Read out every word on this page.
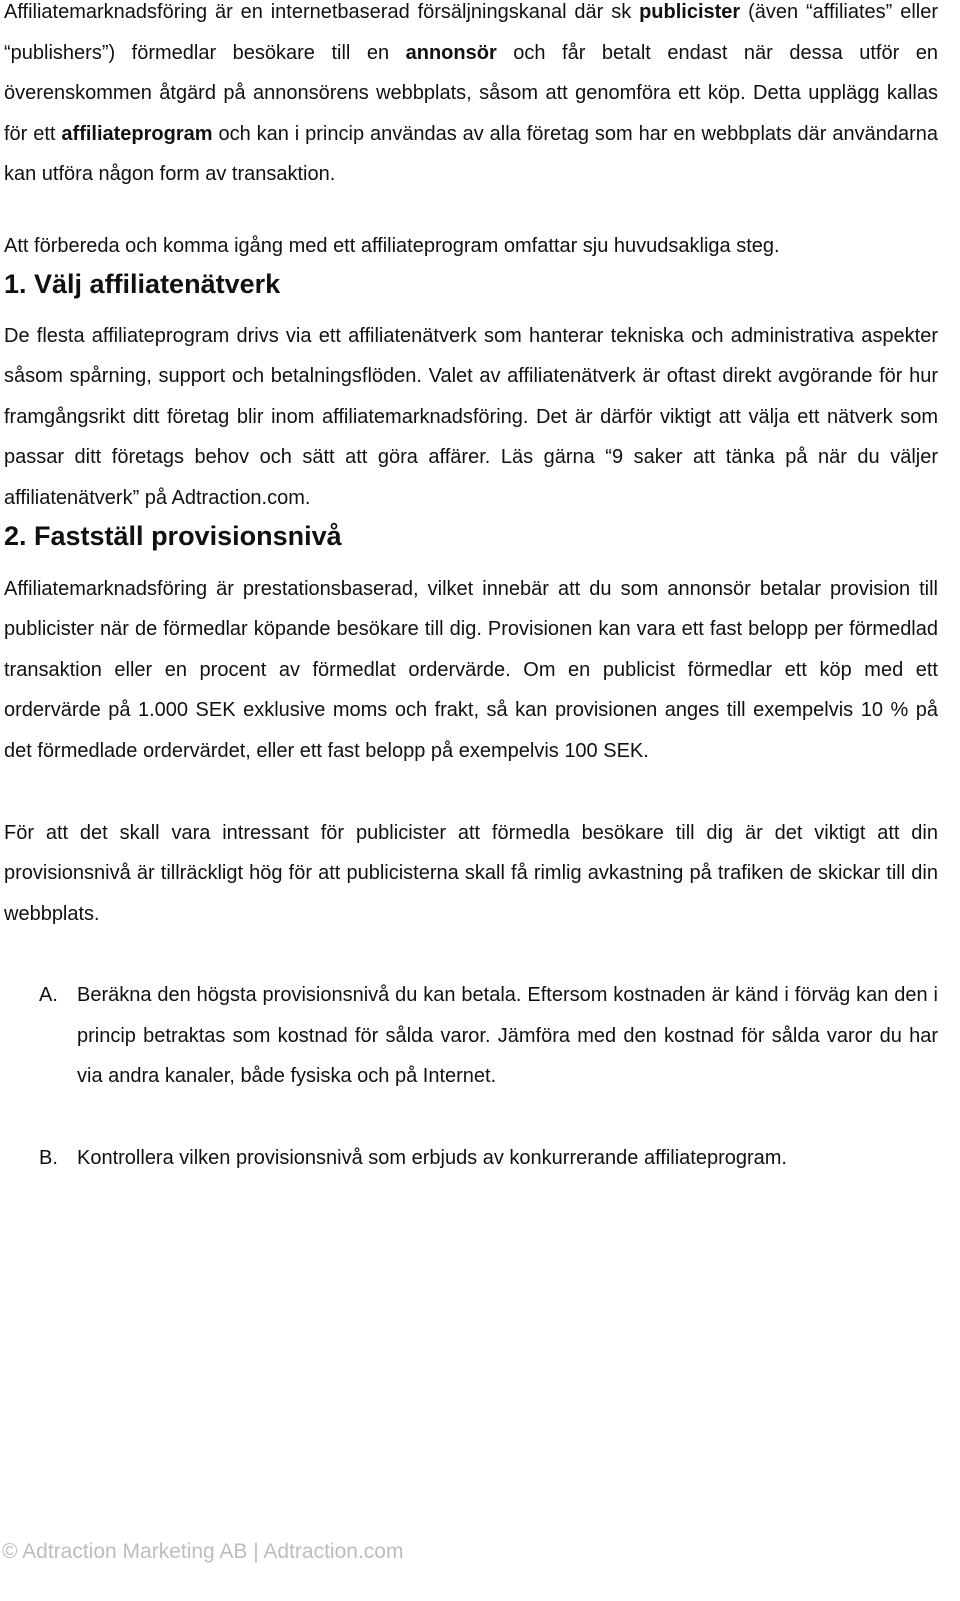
Affiliatemarknadsföring är en internetbaserad försäljningskanal där sk publicister (även “affiliates” eller “publishers”) förmedlar besökare till en annonsör och får betalt endast när dessa utför en överenskommen åtgärd på annonsörens webbplats, såsom att genomföra ett köp. Detta upplägg kallas för ett affiliateprogram och kan i princip användas av alla företag som har en webbplats där användarna kan utföra någon form av transaktion.

Att förbereda och komma igång med ett affiliateprogram omfattar sju huvudsakliga steg.

1. Välj affiliatenätverk

De flesta affiliateprogram drivs via ett affiliatenätverk som hanterar tekniska och administrativa aspekter såsom spårning, support och betalningsflöden. Valet av affiliatenätverk är oftast direkt avgörande för hur framgångsrikt ditt företag blir inom affiliatemarknadsföring. Det är därför viktigt att välja ett nätverk som passar ditt företags behov och sätt att göra affärer. Läs gärna “9 saker att tänka på när du väljer affiliatenätverk” på Adtraction.com.

2. Fastställ provisionsnivå

Affiliatemarknadsföring är prestationsbaserad, vilket innebär att du som annonsör betalar provision till publicister när de förmedlar köpande besökare till dig. Provisionen kan vara ett fast belopp per förmedlad transaktion eller en procent av förmedlat ordervärde. Om en publicist förmedlar ett köp med ett ordervärde på 1.000 SEK exklusive moms och frakt, så kan provisionen anges till exempelvis 10 % på det förmedlade ordervärdet, eller ett fast belopp på exempelvis 100 SEK.

För att det skall vara intressant för publicister att förmedla besökare till dig är det viktigt att din provisionsnivå är tillräckligt hög för att publicisterna skall få rimlig avkastning på trafiken de skickar till din webbplats.

A. Beräkna den högsta provisionsnivå du kan betala. Eftersom kostnaden är känd i förväg kan den i princip betraktas som kostnad för sålda varor. Jämföra med den kostnad för sålda varor du har via andra kanaler, både fysiska och på Internet.
B. Kontrollera vilken provisionsnivå som erbjuds av konkurrerande affiliateprogram.
© Adtraction Marketing AB | Adtraction.com
